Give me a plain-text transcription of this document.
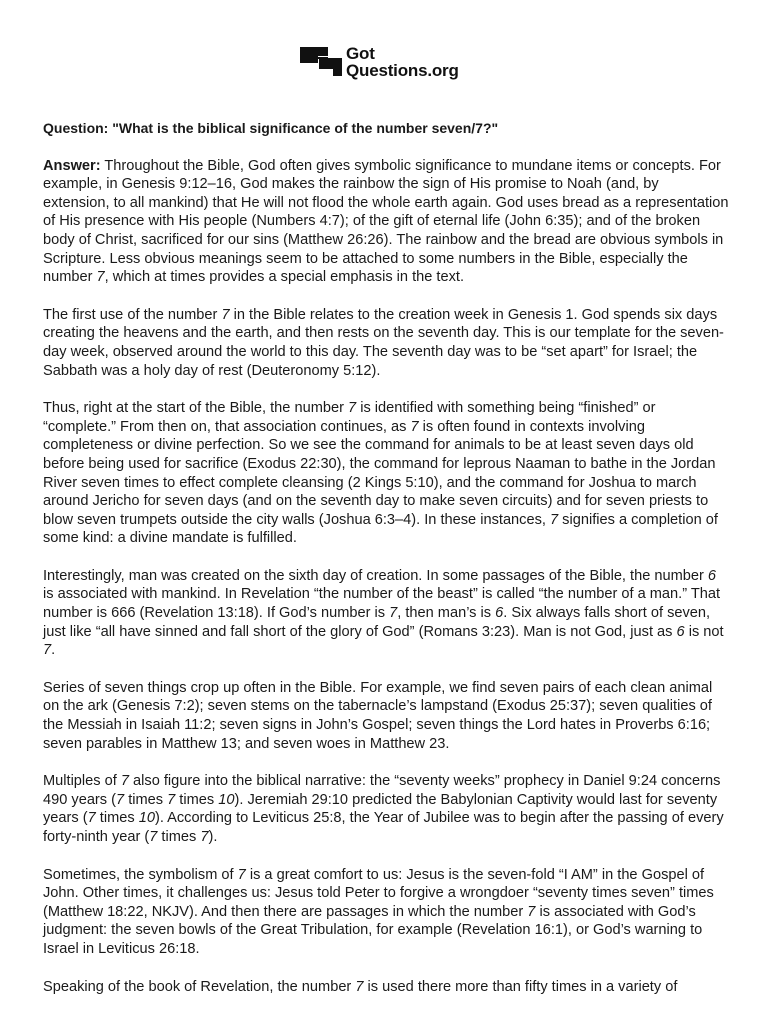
Got
Questions.org

Question: "What is the biblical significance of the number seven/7?"

Answer: Throughout the Bible, God often gives symbolic significance to mundane items or concepts. For example, in Genesis 9:12–16, God makes the rainbow the sign of His promise to Noah (and, by extension, to all mankind) that He will not flood the whole earth again. God uses bread as a representation of His presence with His people (Numbers 4:7); of the gift of eternal life (John 6:35); and of the broken body of Christ, sacrificed for our sins (Matthew 26:26). The rainbow and the bread are obvious symbols in Scripture. Less obvious meanings seem to be attached to some numbers in the Bible, especially the number 7, which at times provides a special emphasis in the text.

The first use of the number 7 in the Bible relates to the creation week in Genesis 1. God spends six days creating the heavens and the earth, and then rests on the seventh day. This is our template for the seven-day week, observed around the world to this day. The seventh day was to be “set apart” for Israel; the Sabbath was a holy day of rest (Deuteronomy 5:12).

Thus, right at the start of the Bible, the number 7 is identified with something being “finished” or “complete.” From then on, that association continues, as 7 is often found in contexts involving completeness or divine perfection. So we see the command for animals to be at least seven days old before being used for sacrifice (Exodus 22:30), the command for leprous Naaman to bathe in the Jordan River seven times to effect complete cleansing (2 Kings 5:10), and the command for Joshua to march around Jericho for seven days (and on the seventh day to make seven circuits) and for seven priests to blow seven trumpets outside the city walls (Joshua 6:3–4). In these instances, 7 signifies a completion of some kind: a divine mandate is fulfilled.

Interestingly, man was created on the sixth day of creation. In some passages of the Bible, the number 6 is associated with mankind. In Revelation “the number of the beast” is called “the number of a man.” That number is 666 (Revelation 13:18). If God’s number is 7, then man’s is 6. Six always falls short of seven, just like “all have sinned and fall short of the glory of God” (Romans 3:23). Man is not God, just as 6 is not 7.

Series of seven things crop up often in the Bible. For example, we find seven pairs of each clean animal on the ark (Genesis 7:2); seven stems on the tabernacle’s lampstand (Exodus 25:37); seven qualities of the Messiah in Isaiah 11:2; seven signs in John’s Gospel; seven things the Lord hates in Proverbs 6:16; seven parables in Matthew 13; and seven woes in Matthew 23.

Multiples of 7 also figure into the biblical narrative: the “seventy weeks” prophecy in Daniel 9:24 concerns 490 years (7 times 7 times 10). Jeremiah 29:10 predicted the Babylonian Captivity would last for seventy years (7 times 10). According to Leviticus 25:8, the Year of Jubilee was to begin after the passing of every forty-ninth year (7 times 7).

Sometimes, the symbolism of 7 is a great comfort to us: Jesus is the seven-fold “I AM” in the Gospel of John. Other times, it challenges us: Jesus told Peter to forgive a wrongdoer “seventy times seven” times (Matthew 18:22, NKJV). And then there are passages in which the number 7 is associated with God’s judgment: the seven bowls of the Great Tribulation, for example (Revelation 16:1), or God’s warning to Israel in Leviticus 26:18.

Speaking of the book of Revelation, the number 7 is used there more than fifty times in a variety of
